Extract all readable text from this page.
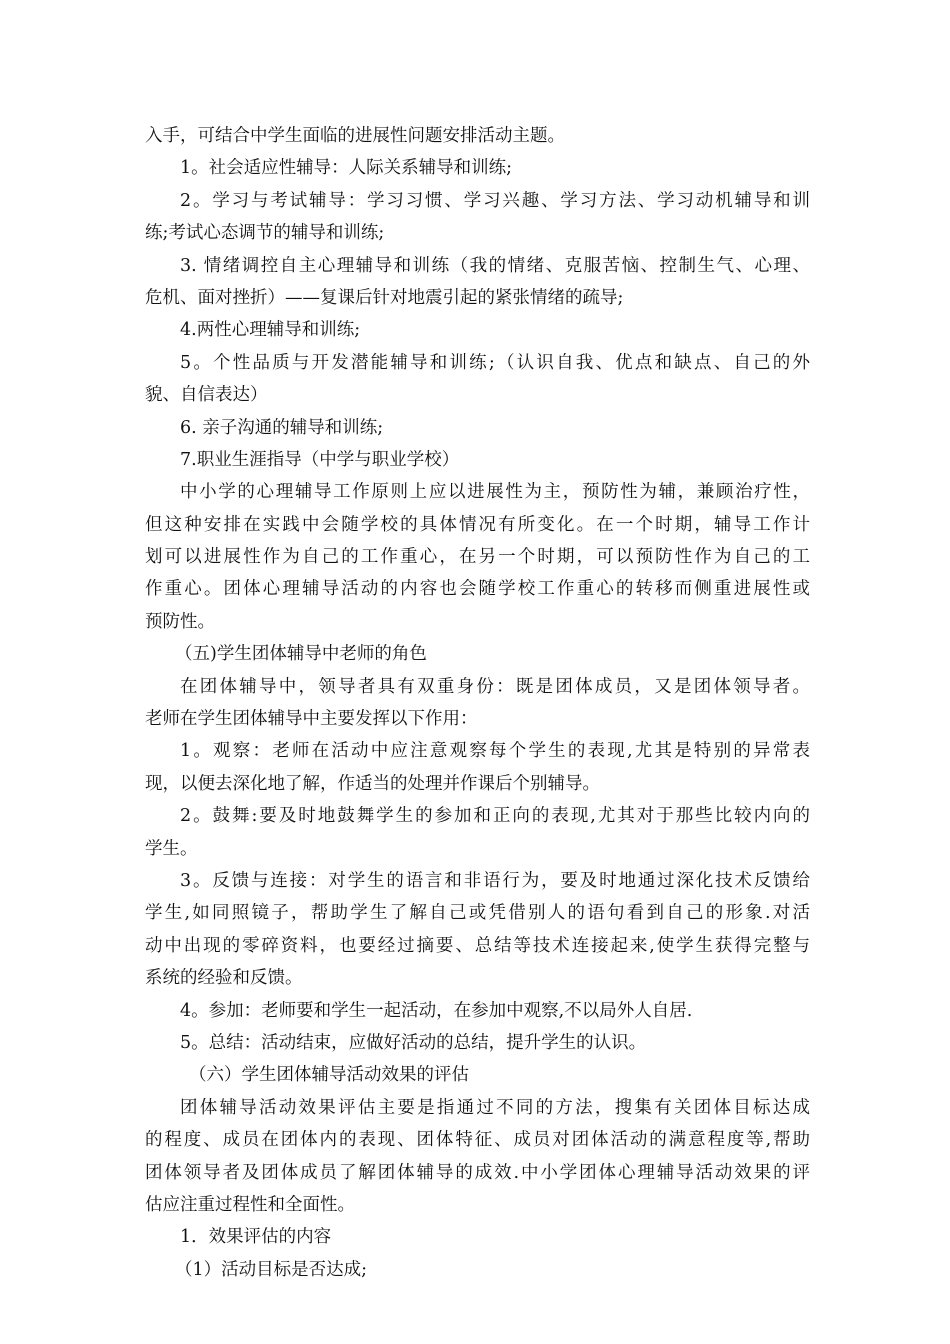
入手，可结合中学生面临的进展性问题安排活动主题。
1。社会适应性辅导：人际关系辅导和训练;
2。学习与考试辅导：学习习惯、学习兴趣、学习方法、学习动机辅导和训
练;考试心态调节的辅导和训练;
3. 情绪调控自主心理辅导和训练（我的情绪、克服苦恼、控制生气、心理、
危机、面对挫折）——复课后针对地震引起的紧张情绪的疏导;
4.两性心理辅导和训练;
5。个性品质与开发潜能辅导和训练;（认识自我、优点和缺点、自己的外
貌、自信表达）
6. 亲子沟通的辅导和训练;
7.职业生涯指导（中学与职业学校）
中小学的心理辅导工作原则上应以进展性为主，预防性为辅，兼顾治疗性，
但这种安排在实践中会随学校的具体情况有所变化。在一个时期，辅导工作计
划可以进展性作为自己的工作重心，在另一个时期，可以预防性作为自己的工
作重心。团体心理辅导活动的内容也会随学校工作重心的转移而侧重进展性或
预防性。
（五)学生团体辅导中老师的角色
在团体辅导中，领导者具有双重身份：既是团体成员，又是团体领导者。
老师在学生团体辅导中主要发挥以下作用：
1。观察：老师在活动中应注意观察每个学生的表现,尤其是特别的异常表
现，以便去深化地了解，作适当的处理并作课后个别辅导。
2。鼓舞:要及时地鼓舞学生的参加和正向的表现,尤其对于那些比较内向的
学生。
3。反馈与连接：对学生的语言和非语行为，要及时地通过深化技术反馈给
学生,如同照镜子，帮助学生了解自己或凭借别人的语句看到自己的形象.对活
动中出现的零碎资料，也要经过摘要、总结等技术连接起来,使学生获得完整与
系统的经验和反馈。
4。参加：老师要和学生一起活动，在参加中观察,不以局外人自居.
5。总结：活动结束，应做好活动的总结，提升学生的认识。
（六）学生团体辅导活动效果的评估
团体辅导活动效果评估主要是指通过不同的方法，搜集有关团体目标达成
的程度、成员在团体内的表现、团体特征、成员对团体活动的满意程度等,帮助
团体领导者及团体成员了解团体辅导的成效.中小学团体心理辅导活动效果的评
估应注重过程性和全面性。
1．效果评估的内容
（1）活动目标是否达成;
